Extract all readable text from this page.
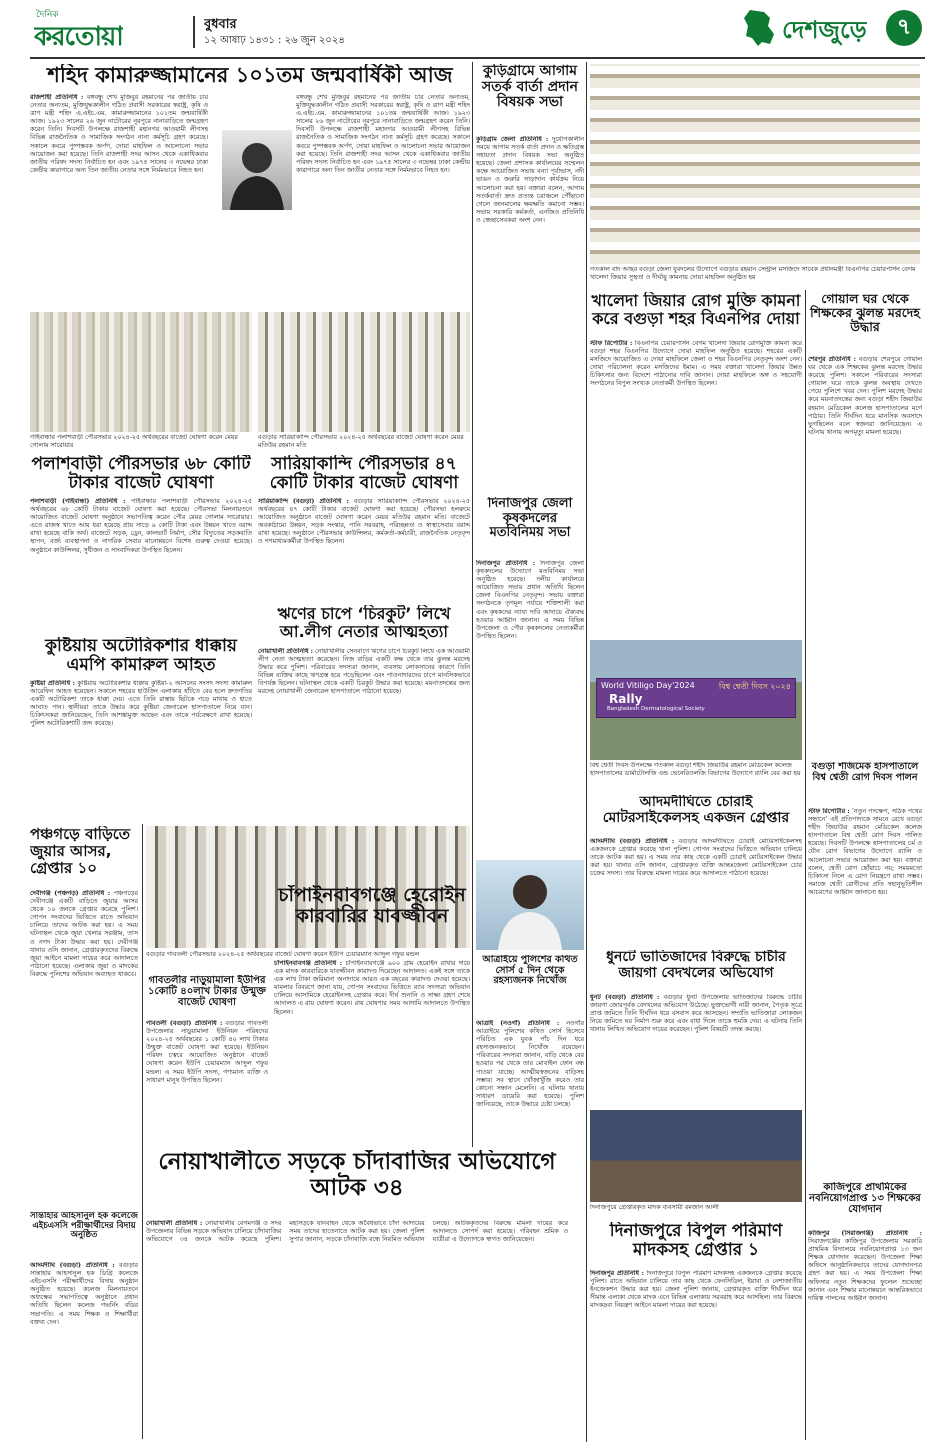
দৈনিক
করতোয়া	বুধবার
১২ আষাঢ় ১৪৩১ : ২৬ জুন ২০২৪	দেশজুড়ে	৭
শহিদ কামারুজ্জামানের ১০১তম জন্মবার্ষিকী আজ
রাজশাহী প্রতিনিধি : বঙ্গবন্ধু শেখ মুজিবুর রহমানের পর জাতীয় চার নেতার অন্যতম, মুক্তিযুদ্ধকালীন গঠিত প্রবাসী সরকারের স্বরাষ্ট্র, কৃষি ও ত্রাণ মন্ত্রী শহিদ এ.এইচ.এম. কামারুজ্জামানের ১০১তম জন্মবার্ষিকী আজ। ১৯২৩ সালের ২৬ জুন নাটোরের নূরপুরে নানাবাড়িতে জন্মগ্রহণ করেন তিনি। দিবসটি উপলক্ষে রাজশাহী মহানগর আওয়ামী লীগসহ বিভিন্ন রাজনৈতিক ও সামাজিক সংগঠন নানা কর্মসূচি গ্রহণ করেছে। সকালে কবরে পুষ্পস্তবক অর্পণ, দোয়া মাহফিল ও আলোচনা সভার আয়োজন করা হয়েছে। তিনি রাজশাহী সদর আসন থেকে একাধিকবার জাতীয় পরিষদ সদস্য নির্বাচিত হন এবং ১৯৭৫ সালের ৩ নভেম্বর ঢাকা কেন্দ্রীয় কারাগারে অন্য তিন জাতীয় নেতার সঙ্গে নির্মমভাবে নিহত হন।
বঙ্গবন্ধু শেখ মুজিবুর রহমানের পর জাতীয় চার নেতার অন্যতম, মুক্তিযুদ্ধকালীন গঠিত প্রবাসী সরকারের স্বরাষ্ট্র, কৃষি ও ত্রাণ মন্ত্রী শহিদ এ.এইচ.এম. কামারুজ্জামানের ১০১তম জন্মবার্ষিকী আজ। ১৯২৩ সালের ২৬ জুন নাটোরের নূরপুরে নানাবাড়িতে জন্মগ্রহণ করেন তিনি। দিবসটি উপলক্ষে রাজশাহী মহানগর আওয়ামী লীগসহ বিভিন্ন রাজনৈতিক ও সামাজিক সংগঠন নানা কর্মসূচি গ্রহণ করেছে। সকালে কবরে পুষ্পস্তবক অর্পণ, দোয়া মাহফিল ও আলোচনা সভার আয়োজন করা হয়েছে। তিনি রাজশাহী সদর আসন থেকে একাধিকবার জাতীয় পরিষদ সদস্য নির্বাচিত হন এবং ১৯৭৫ সালের ৩ নভেম্বর ঢাকা কেন্দ্রীয় কারাগারে অন্য তিন জাতীয় নেতার সঙ্গে নির্মমভাবে নিহত হন।
গাইবান্ধার পলাশবাড়ী পৌরসভার ২০২৪-২৫ অর্থবছরের বাজেট ঘোষণা করেন মেয়র গোলাম সারোয়ার
বগুড়ার সারিয়াকান্দি পৌরসভার ২০২৪-২৫ অর্থবছরের বাজেট ঘোষণা করেন মেয়র মতিউর রহমান মতি
পলাশবাড়ী পৌরসভার ৬৮ কোটি টাকার বাজেট ঘোষণা
পলাশবাড়ী (গাইবান্ধা) প্রতিনিধি : গাইবান্ধার পলাশবাড়ী পৌরসভার ২০২৪-২৫ অর্থবছরের ৬৮ কোটি টাকার বাজেট ঘোষণা করা হয়েছে। পৌরসভা মিলনায়তনে আয়োজিত বাজেট ঘোষণা অনুষ্ঠানে সভাপতিত্ব করেন পৌর মেয়র গোলাম সারোয়ার। এতে রাজস্ব খাতে আয় ধরা হয়েছে প্রায় সাড়ে ৯ কোটি টাকা এবং উন্নয়ন খাতে বরাদ্দ রাখা হয়েছে বাকি অর্থ। বাজেটে সড়ক, ড্রেন, কালভার্ট নির্মাণ, সৌর বিদ্যুতের সড়কবাতি স্থাপন, বর্জ্য ব্যবস্থাপনা ও নাগরিক সেবার মানোন্নয়নে বিশেষ গুরুত্ব দেওয়া হয়েছে। অনুষ্ঠানে কাউন্সিলর, সুধীজন ও সাংবাদিকরা উপস্থিত ছিলেন।
সারিয়াকান্দি পৌরসভার ৪৭ কোটি টাকার বাজেট ঘোষণা
সারিয়াকান্দি (বগুড়া) প্রতিনিধি : বগুড়ার সারিয়াকান্দি পৌরসভার ২০২৪-২৫ অর্থবছরের ৪৭ কোটি টাকার বাজেট ঘোষণা করা হয়েছে। পৌরসভা হলরুমে আয়োজিত অনুষ্ঠানে বাজেট ঘোষণা করেন মেয়র মতিউর রহমান মতি। বাজেটে অবকাঠামো উন্নয়ন, সড়ক সংস্কার, পানি সরবরাহ, পরিচ্ছন্নতা ও স্বাস্থ্যসেবায় বরাদ্দ রাখা হয়েছে। অনুষ্ঠানে পৌরসভার কাউন্সিলর, কর্মকর্তা-কর্মচারী, রাজনৈতিক নেতৃবৃন্দ ও গণমাধ্যমকর্মীরা উপস্থিত ছিলেন।
কুষ্টিয়ায় অটোরিকশার ধাক্কায় এমপি কামারুল আহত
কুষ্টিয়া প্রতিনিধি : কুষ্টিয়ায় অটোরিকশার ধাক্কায় কুষ্টিয়া-২ আসনের সংসদ সদস্য কামারুল আরেফিন আহত হয়েছেন। সকালে শহরের হাউজিং এলাকায় হাঁটতে বের হলে দ্রুতগতির একটি অটোরিকশা তাকে ধাক্কা দেয়। এতে তিনি রাস্তায় ছিটকে পড়ে মাথায় ও হাতে আঘাত পান। স্থানীয়রা তাকে উদ্ধার করে কুষ্টিয়া জেনারেল হাসপাতালে নিয়ে যান। চিকিৎসকরা জানিয়েছেন, তিনি আশঙ্কামুক্ত আছেন এবং তাকে পর্যবেক্ষণে রাখা হয়েছে। পুলিশ অটোরিকশাটি জব্দ করেছে।
ঋণের চাপে ‘চিরকুট’ লিখে আ.লীগ নেতার আত্মহত্যা
নোয়াখালী প্রতিনিধি : নোয়াখালীর সেনবাগে ঋণের চাপে চিরকুট লিখে এক আওয়ামী লীগ নেতা আত্মহত্যা করেছেন। নিজ বাড়ির একটি কক্ষ থেকে তার ঝুলন্ত মরদেহ উদ্ধার করে পুলিশ। পরিবারের সদস্যরা জানান, ব্যবসায় লোকসানের কারণে তিনি বিভিন্ন ব্যক্তির কাছে ঋণগ্রস্ত হয়ে পড়েছিলেন এবং পাওনাদারদের চাপে মানসিকভাবে বিপর্যস্ত ছিলেন। ঘটনাস্থল থেকে একটি চিরকুট উদ্ধার করা হয়েছে। ময়নাতদন্তের জন্য মরদেহ নোয়াখালী জেনারেল হাসপাতালে পাঠানো হয়েছে।
পঞ্চগড়ে বাড়িতে জুয়ার আসর, গ্রেপ্তার ১০
দেবীগঞ্জ (পঞ্চগড়) প্রতিনিধি : পঞ্চগড়ের দেবীগঞ্জে একটি বাড়িতে জুয়ার আসর থেকে ১০ জনকে গ্রেপ্তার করেছে পুলিশ। গোপন সংবাদের ভিত্তিতে রাতে অভিযান চালিয়ে তাদের আটক করা হয়। এ সময় ঘটনাস্থল থেকে জুয়া খেলার সরঞ্জাম, তাস ও নগদ টাকা উদ্ধার করা হয়। দেবীগঞ্জ থানার ওসি জানান, গ্রেপ্তারকৃতদের বিরুদ্ধে জুয়া আইনে মামলা দায়ের করে আদালতে পাঠানো হয়েছে। এলাকায় জুয়া ও মাদকের বিরুদ্ধে পুলিশের অভিযান অব্যাহত থাকবে।
বগুড়ার গাবতলী পৌরসভার ২০২৪-২৫ অর্থবছরের বাজেট ঘোষণা করেন ইউপি চেয়ারম্যান আব্দুল গফুর মন্ডল
গাবতলীর নাড়ুয়ামালা ইউপির ১কোটি ৪০লাখ টাকার উন্মুক্ত বাজেট ঘোষণা
গাবতলী (বগুড়া) প্রতিনিধি : বগুড়ার গাবতলী উপজেলার নাড়ুয়ামালা ইউনিয়ন পরিষদের ২০২৪-২৫ অর্থবছরের ১ কোটি ৪০ লাখ টাকার উন্মুক্ত বাজেট ঘোষণা করা হয়েছে। ইউনিয়ন পরিষদ চত্বরে আয়োজিত অনুষ্ঠানে বাজেট ঘোষণা করেন ইউপি চেয়ারম্যান আব্দুল গফুর মন্ডল। এ সময় ইউপি সদস্য, গণ্যমান্য ব্যক্তি ও সাধারণ মানুষ উপস্থিত ছিলেন।
চাঁপাইনবাবগঞ্জে হেরোইন কারবারির যাবজ্জীবন
চাঁপাইনবাবগঞ্জ প্রতিনিধি : চাঁপাইনবাবগঞ্জে ৯০০ গ্রাম হেরোইন রাখার দায়ে এক মাদক কারবারিকে যাবজ্জীবন কারাদণ্ড দিয়েছেন আদালত। একই সঙ্গে তাকে এক লাখ টাকা জরিমানা অনাদায়ে আরও এক বছরের কারাদণ্ড দেওয়া হয়েছে। মামলার বিবরণে জানা যায়, গোপন সংবাদের ভিত্তিতে র‍্যাব সদস্যরা অভিযান চালিয়ে আসামিকে হেরোইনসহ গ্রেপ্তার করে। দীর্ঘ শুনানি ও সাক্ষ্য গ্রহণ শেষে আদালত এ রায় ঘোষণা করেন। রায় ঘোষণার সময় আসামি আদালতে উপস্থিত ছিলেন।
সান্তাহার আহসানুল হক কলেজে এইচএসসি পরীক্ষার্থীদের বিদায় অনুষ্ঠিত
আদমদীঘি (বগুড়া) প্রতিনিধি : বগুড়ার সান্তাহার আহসানুল হক ডিগ্রি কলেজে এইচএসসি পরীক্ষার্থীদের বিদায় অনুষ্ঠান অনুষ্ঠিত হয়েছে। কলেজ মিলনায়তনে অধ্যক্ষের সভাপতিত্বে অনুষ্ঠানে প্রধান অতিথি ছিলেন কলেজ গভর্নিং বডির সভাপতি। এ সময় শিক্ষক ও শিক্ষার্থীরা বক্তব্য দেন।
নোয়াখালীতে সড়কে চাঁদাবাজির অভিযোগে আটক ৩৪
নোয়াখালী প্রতিনিধি : নোয়াখালীর বেগমগঞ্জ ও সদর উপজেলার বিভিন্ন সড়কে অভিযান চালিয়ে চাঁদাবাজির অভিযোগে ৩৪ জনকে আটক করেছে পুলিশ। মহাসড়কে যানবাহন থেকে অবৈধভাবে চাঁদা আদায়ের সময় তাদের হাতেনাতে আটক করা হয়। জেলা পুলিশ সুপার জানান, সড়কে চাঁদাবাজি বন্ধে নিয়মিত অভিযান চলছে। আটককৃতদের বিরুদ্ধে মামলা দায়ের করে আদালতে সোপর্দ করা হয়েছে। পরিবহন শ্রমিক ও যাত্রীরা এ উদ্যোগকে স্বাগত জানিয়েছেন।
কুড়িগ্রামে আগাম সতর্ক বার্তা প্রদান বিষয়ক সভা
কুড়িগ্রাম জেলা প্রতিনিধি : দুর্যোগকালীন সময়ে আগাম সতর্ক বার্তা প্রদান ও ক্ষতিগ্রস্ত সহায়তা প্রদান বিষয়ক সভা অনুষ্ঠিত হয়েছে। জেলা প্রশাসক কার্যালয়ের সম্মেলন কক্ষে আয়োজিত সভায় বন্যা পূর্বাভাস, নদী ভাঙন ও জরুরি সাড়াদান কার্যক্রম নিয়ে আলোচনা করা হয়। বক্তারা বলেন, আগাম সতর্কবার্তা দ্রুত প্রত্যন্ত চরাঞ্চলে পৌঁছানো গেলে জানমালের ক্ষয়ক্ষতি কমানো সম্ভব। সভায় সরকারি কর্মকর্তা, এনজিও প্রতিনিধি ও স্বেচ্ছাসেবকরা অংশ নেন।
দিনাজপুর জেলা কৃষকদলের মতবিনিময় সভা
দিনাজপুর প্রতিনিধি : দিনাজপুর জেলা কৃষকদলের উদ্যোগে মতবিনিময় সভা অনুষ্ঠিত হয়েছে। দলীয় কার্যালয়ে আয়োজিত সভায় প্রধান অতিথি ছিলেন জেলা বিএনপির নেতৃবৃন্দ। সভায় বক্তারা সংগঠনকে তৃণমূল পর্যায়ে শক্তিশালী করা এবং কৃষকদের ন্যায্য দাবি আদায়ে ঐক্যবদ্ধ হওয়ার আহ্বান জানান। এ সময় বিভিন্ন উপজেলা ও পৌর কৃষকদলের নেতাকর্মীরা উপস্থিত ছিলেন।
আত্রাইয়ে পুলিশের কথিত সোর্স ৫ দিন থেকে রহস্যজনক নিখোঁজ
আত্রাই (নওগাঁ) প্রতিনিধি : নওগাঁর আত্রাইয়ে পুলিশের কথিত সোর্স হিসেবে পরিচিত এক যুবক পাঁচ দিন ধরে রহস্যজনকভাবে নিখোঁজ রয়েছেন। পরিবারের সদস্যরা জানান, বাড়ি থেকে বের হওয়ার পর থেকে তার মোবাইল ফোন বন্ধ পাওয়া যাচ্ছে। আত্মীয়স্বজনের বাড়িসহ সম্ভাব্য সব স্থানে খোঁজাখুঁজি করেও তার কোনো সন্ধান মেলেনি। এ ঘটনায় থানায় সাধারণ ডায়েরি করা হয়েছে। পুলিশ জানিয়েছে, তাকে উদ্ধারে চেষ্টা চলছে।
গতকাল বাদ আছর বগুড়া জেলা যুবদলের উদ্যোগে বগুড়ার রহমান সেন্ট্রাল মসজিদে সাবেক প্রধানমন্ত্রী বিএনপির চেয়ারপার্সন বেগম খালেদা জিয়ার সুস্থতা ও দীর্ঘায়ু কামনায় দোয়া মাহফিল অনুষ্ঠিত হয়
খালেদা জিয়ার রোগ মুক্তি কামনা করে বগুড়া শহর বিএনপির দোয়া
স্টাফ রিপোর্টার : বিএনপির চেয়ারপার্সন বেগম খালেদা জিয়ার রোগমুক্তি কামনা করে বগুড়া শহর বিএনপির উদ্যোগে দোয়া মাহফিল অনুষ্ঠিত হয়েছে। শহরের একটি মসজিদে আয়োজিত এ দোয়া মাহফিলে জেলা ও শহর বিএনপির নেতৃবৃন্দ অংশ নেন। দোয়া পরিচালনা করেন মসজিদের ইমাম। এ সময় বক্তারা খালেদা জিয়ার উন্নত চিকিৎসার জন্য বিদেশে পাঠানোর দাবি জানান। দোয়া মাহফিলে অঙ্গ ও সহযোগী সংগঠনের বিপুল সংখ্যক নেতাকর্মী উপস্থিত ছিলেন।
গোয়াল ঘর থেকে শিক্ষকের ঝুলন্ত মরদেহ উদ্ধার
শেরপুর প্রতিনিধি : বগুড়ার শেরপুরে গোয়াল ঘর থেকে এক শিক্ষকের ঝুলন্ত মরদেহ উদ্ধার করেছে পুলিশ। সকালে পরিবারের সদস্যরা গোয়াল ঘরে তাকে ঝুলন্ত অবস্থায় দেখতে পেয়ে পুলিশে খবর দেন। পুলিশ মরদেহ উদ্ধার করে ময়নাতদন্তের জন্য বগুড়া শহীদ জিয়াউর রহমান মেডিকেল কলেজ হাসপাতালের মর্গে পাঠায়। তিনি দীর্ঘদিন ধরে মানসিক অবসাদে ভুগছিলেন বলে স্বজনরা জানিয়েছেন। এ ঘটনায় থানায় অপমৃত্যু মামলা হয়েছে।
World Vitiligo Day'2024	বিশ্ব শ্বেতী দিবস ২০২৪
Rally
Bangladesh Dermatological Society
বিশ্ব শ্বেতী দিবস উপলক্ষে গতকাল বগুড়া শহীদ জিয়াউর রহমান মেডিকেল কলেজ হাসপাতালের ডার্মাটোলজি এন্ড ভেনেরিওলজি বিভাগের উদ্যোগে র‍্যালি বের করা হয়
বগুড়া শজিমেক হাসপাতালে বিশ্ব শ্বেতী রোগ দিবস পালন
স্টাফ রিপোর্টার : ‘নতুন পদক্ষেপ, সঠিক পথের সন্ধানে’ এই প্রতিপাদ্যকে সামনে রেখে বগুড়া শহীদ জিয়াউর রহমান মেডিকেল কলেজ হাসপাতালে বিশ্ব শ্বেতী রোগ দিবস পালিত হয়েছে। দিবসটি উপলক্ষে হাসপাতালের চর্ম ও যৌন রোগ বিভাগের উদ্যোগে র‍্যালি ও আলোচনা সভার আয়োজন করা হয়। বক্তারা বলেন, শ্বেতী রোগ ছোঁয়াচে নয়; সময়মতো চিকিৎসা নিলে এ রোগ নিয়ন্ত্রণে রাখা সম্ভব। সমাজে শ্বেতী রোগীদের প্রতি সহানুভূতিশীল আচরণের আহ্বান জানানো হয়।
আদমদীঘিতে চোরাই মোটরসাইকেলসহ একজন গ্রেপ্তার
আদমদীঘি (বগুড়া) প্রতিনিধি : বগুড়ার আদমদীঘিতে চোরাই মোটরসাইকেলসহ একজনকে গ্রেপ্তার করেছে থানা পুলিশ। গোপন সংবাদের ভিত্তিতে অভিযান চালিয়ে তাকে আটক করা হয়। এ সময় তার কাছ থেকে একটি চোরাই মোটরসাইকেল উদ্ধার করা হয়। থানার ওসি জানান, গ্রেপ্তারকৃত ব্যক্তি আন্তঃজেলা মোটরসাইকেল চোর চক্রের সদস্য। তার বিরুদ্ধে মামলা দায়ের করে আদালতে পাঠানো হয়েছে।
ধুনটে ভাতিজাদের বিরুদ্ধে চাচীর জায়গা বেদখলের অভিযোগ
ধুনট (বগুড়া) প্রতিনিধি : বগুড়ার ধুনট উপজেলায় ভাতিজাদের বিরুদ্ধে চাচীর জায়গা জোরপূর্বক বেদখলের অভিযোগ উঠেছে। ভুক্তভোগী নারী জানান, পৈতৃক সূত্রে প্রাপ্ত জমিতে তিনি দীর্ঘদিন ধরে বসবাস করে আসছেন। সম্প্রতি ভাতিজারা লোকজন নিয়ে জমিতে ঘর নির্মাণ শুরু করে এবং বাধা দিলে তাকে হুমকি দেয়। এ ঘটনায় তিনি থানায় লিখিত অভিযোগ দায়ের করেছেন। পুলিশ বিষয়টি তদন্ত করছে।
দিনাজপুরে গ্রেপ্তারকৃত মাদক ব্যবসায়ী রমজান আলী
দিনাজপুরে বিপুল পরিমাণ মাদকসহ গ্রেপ্তার ১
দিনাজপুর প্রতিনিধি : দিনাজপুরে বিপুল পরিমাণ মাদকসহ একজনকে গ্রেপ্তার করেছে পুলিশ। রাতে অভিযান চালিয়ে তার কাছ থেকে ফেনসিডিল, ইয়াবা ও নেশাজাতীয় ইনজেকশন উদ্ধার করা হয়। জেলা পুলিশ জানায়, গ্রেপ্তারকৃত ব্যক্তি দীর্ঘদিন ধরে সীমান্ত এলাকা থেকে মাদক এনে বিভিন্ন এলাকায় সরবরাহ করে আসছিল। তার বিরুদ্ধে মাদকদ্রব্য নিয়ন্ত্রণ আইনে মামলা দায়ের করা হয়েছে।
কাজিপুরে প্রাথমিকের নবনিয়োগপ্রাপ্ত ১৩ শিক্ষকের যোগদান
কাজিপুর (সিরাজগঞ্জ) প্রতিনিধি : সিরাজগঞ্জের কাজিপুর উপজেলায় সরকারি প্রাথমিক বিদ্যালয়ে নবনিয়োগপ্রাপ্ত ১৩ জন শিক্ষক যোগদান করেছেন। উপজেলা শিক্ষা অফিসে আনুষ্ঠানিকভাবে তাদের যোগদানপত্র গ্রহণ করা হয়। এ সময় উপজেলা শিক্ষা অফিসার নতুন শিক্ষকদের ফুলেল শুভেচ্ছা জানান এবং শিক্ষার মানোন্নয়নে আন্তরিকভাবে দায়িত্ব পালনের আহ্বান জানান।
